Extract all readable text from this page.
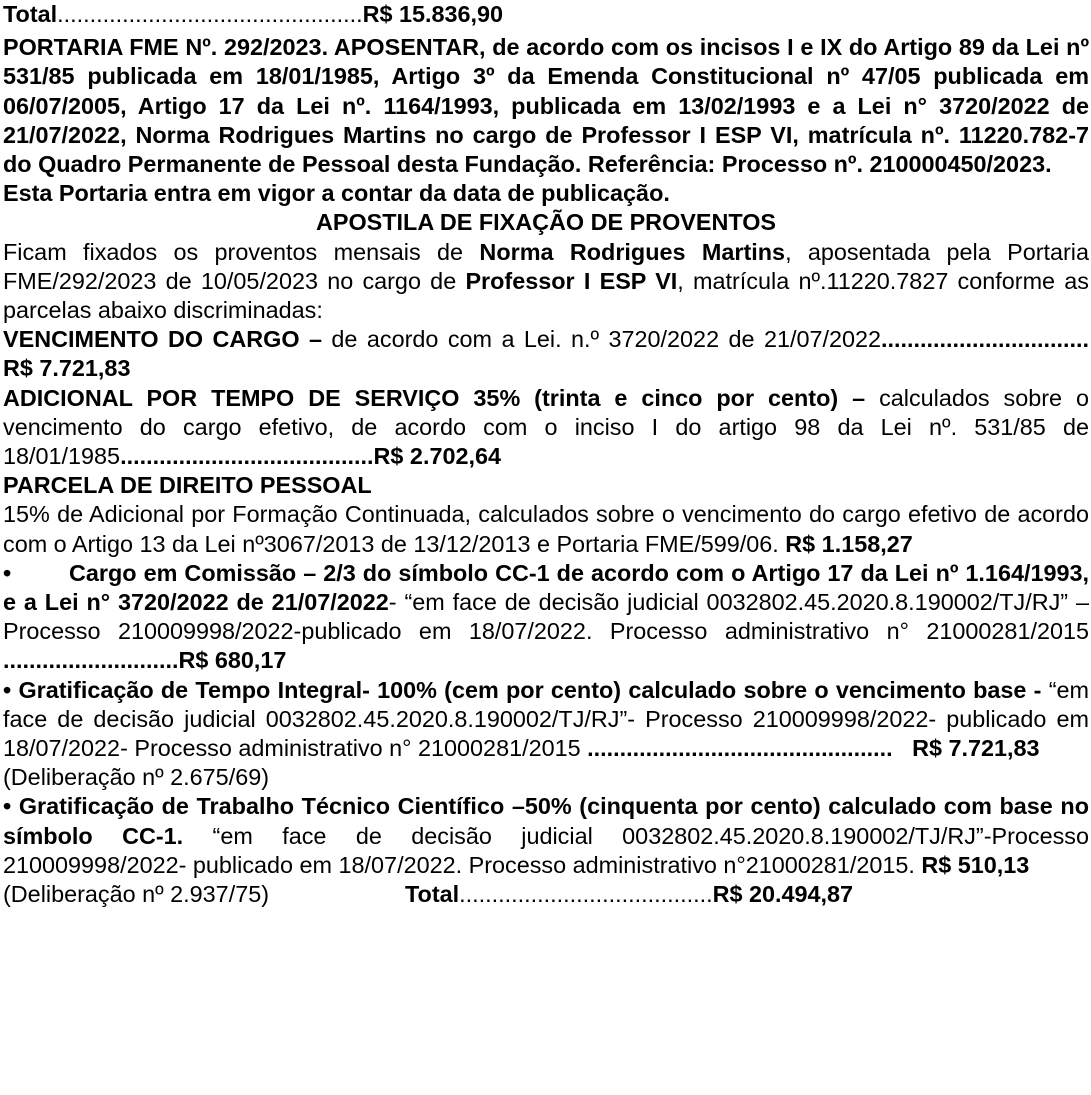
Total...............................................R$ 15.836,90

PORTARIA FME Nº. 292/2023. APOSENTAR, de acordo com os incisos I e IX do Artigo 89 da Lei nº 531/85 publicada em 18/01/1985, Artigo 3º da Emenda Constitucional nº 47/05 publicada em 06/07/2005, Artigo 17 da Lei nº. 1164/1993, publicada em 13/02/1993 e a Lei n° 3720/2022 de 21/07/2022, Norma Rodrigues Martins no cargo de Professor I ESP VI, matrícula nº. 11220.782-7 do Quadro Permanente de Pessoal desta Fundação. Referência: Processo nº. 210000450/2023.

Esta Portaria entra em vigor a contar da data de publicação.

APOSTILA DE FIXAÇÃO DE PROVENTOS

Ficam fixados os proventos mensais de Norma Rodrigues Martins, aposentada pela Portaria FME/292/2023 de 10/05/2023 no cargo de Professor I ESP VI, matrícula nº.11220.7827 conforme as parcelas abaixo discriminadas:

VENCIMENTO DO CARGO – de acordo com a Lei. n.º 3720/2022 de 21/07/2022................................ R$ 7.721,83

ADICIONAL POR TEMPO DE SERVIÇO 35% (trinta e cinco por cento) – calculados sobre o vencimento do cargo efetivo, de acordo com o inciso I do artigo 98 da Lei nº. 531/85 de 18/01/1985.......................................R$ 2.702,64

PARCELA DE DIREITO PESSOAL

15% de Adicional por Formação Continuada, calculados sobre o vencimento do cargo efetivo de acordo com o Artigo 13 da Lei nº3067/2013 de 13/12/2013 e Portaria FME/599/06. R$ 1.158,27

• Cargo em Comissão – 2/3 do símbolo CC-1 de acordo com o Artigo 17 da Lei nº 1.164/1993, e a Lei n° 3720/2022 de 21/07/2022- “em face de decisão judicial 0032802.45.2020.8.190002/TJ/RJ” – Processo 210009998/2022-publicado em 18/07/2022. Processo administrativo n° 21000281/2015 ...........................R$ 680,17

• Gratificação de Tempo Integral- 100% (cem por cento) calculado sobre o vencimento base - “em face de decisão judicial 0032802.45.2020.8.190002/TJ/RJ”- Processo 210009998/2022- publicado em 18/07/2022- Processo administrativo n° 21000281/2015 ............................................... R$ 7.721,83

(Deliberação nº 2.675/69)

• Gratificação de Trabalho Técnico Científico –50% (cinquenta por cento) calculado com base no símbolo CC-1. “em face de decisão judicial 0032802.45.2020.8.190002/TJ/RJ”-Processo 210009998/2022- publicado em 18/07/2022. Processo administrativo n°21000281/2015. R$ 510,13

(Deliberação nº 2.937/75)	Total.......................................R$ 20.494,87
